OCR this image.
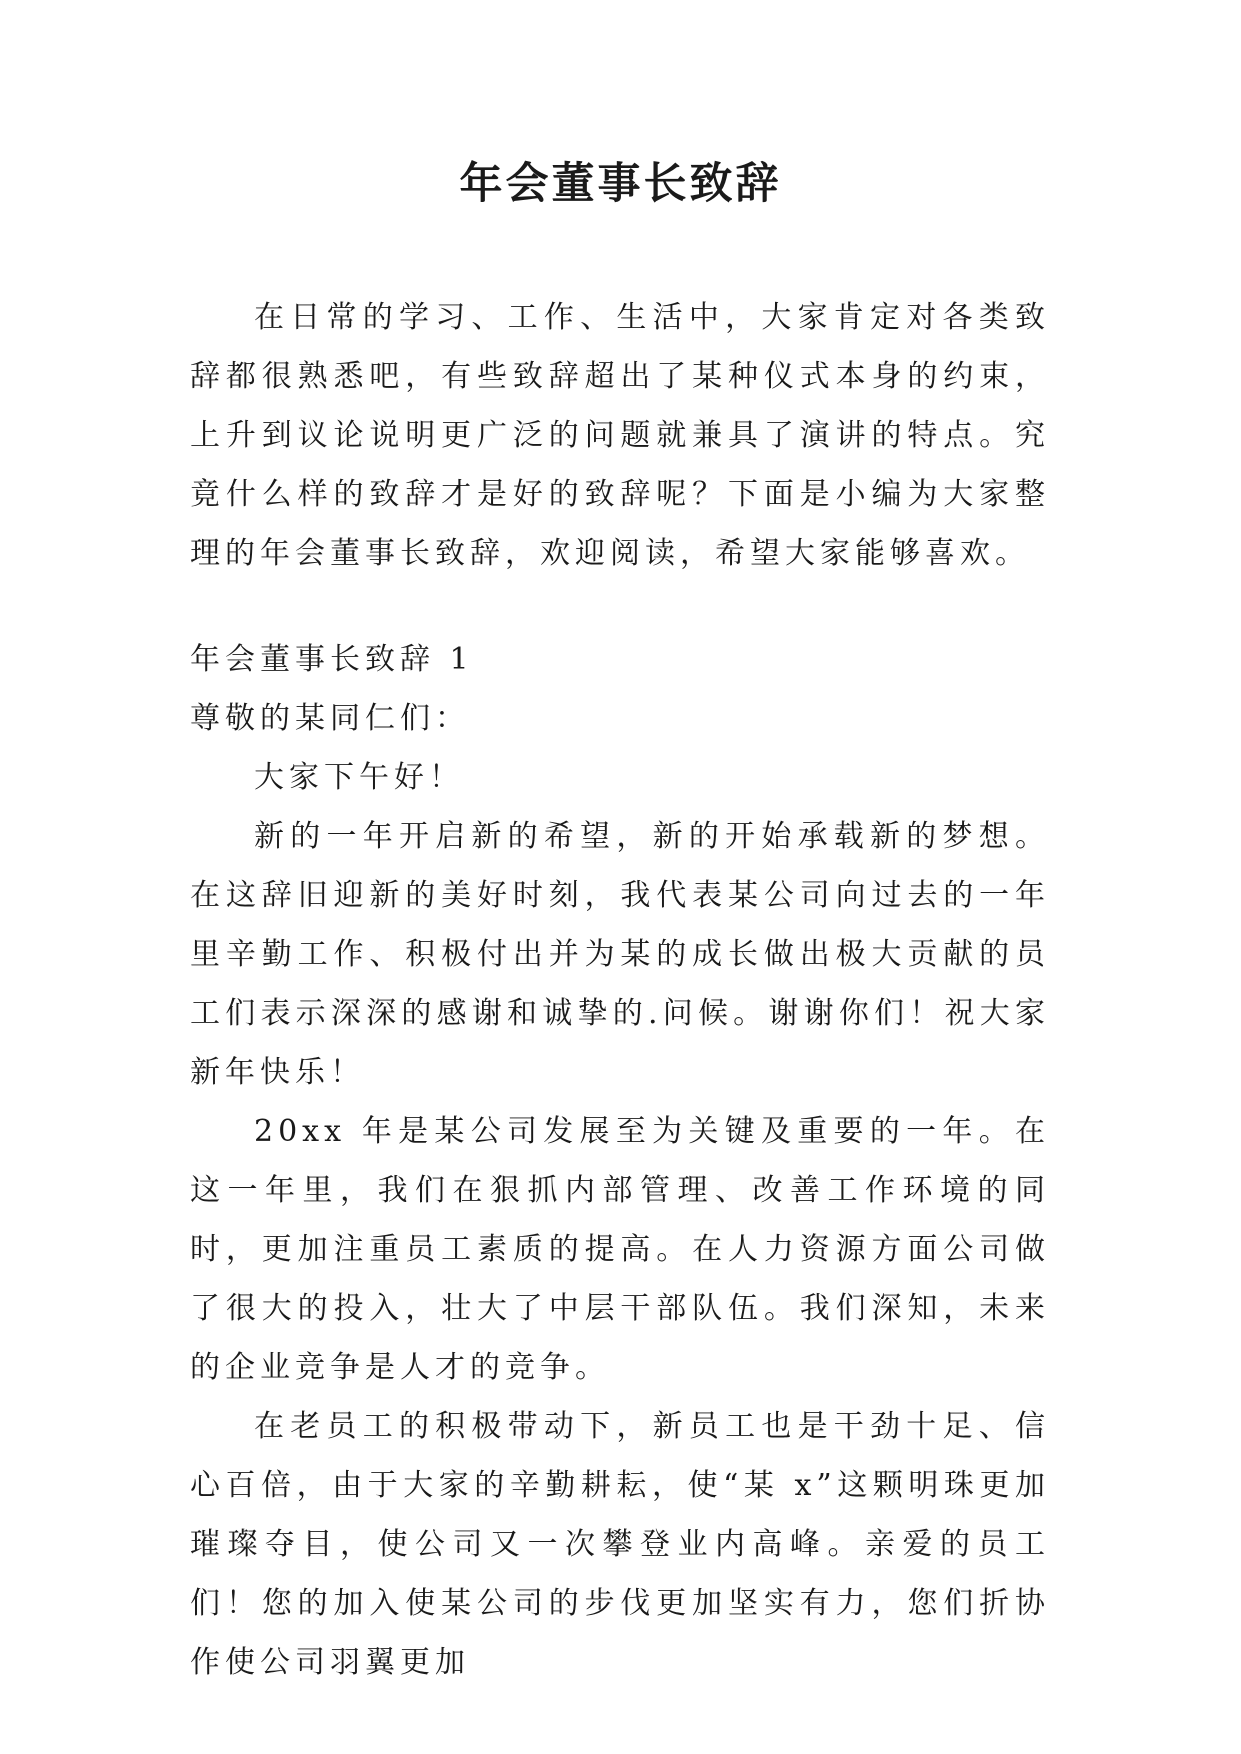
年会董事长致辞

在日常的学习、工作、生活中，大家肯定对各类致辞都很熟悉吧，有些致辞超出了某种仪式本身的约束，上升到议论说明更广泛的问题就兼具了演讲的特点。究竟什么样的致辞才是好的致辞呢？下面是小编为大家整理的年会董事长致辞，欢迎阅读，希望大家能够喜欢。

年会董事长致辞 1

尊敬的某同仁们：

大家下午好！

新的一年开启新的希望，新的开始承载新的梦想。在这辞旧迎新的美好时刻，我代表某公司向过去的一年里辛勤工作、积极付出并为某的成长做出极大贡献的员工们表示深深的感谢和诚挚的.问候。谢谢你们！祝大家新年快乐！

20xx 年是某公司发展至为关键及重要的一年。在这一年里，我们在狠抓内部管理、改善工作环境的同时，更加注重员工素质的提高。在人力资源方面公司做了很大的投入，壮大了中层干部队伍。我们深知，未来的企业竞争是人才的竞争。

在老员工的积极带动下，新员工也是干劲十足、信心百倍，由于大家的辛勤耕耘，使“某 x”这颗明珠更加璀璨夺目，使公司又一次攀登业内高峰。亲爱的员工们！您的加入使某公司的步伐更加坚实有力，您们折协作使公司羽翼更加
